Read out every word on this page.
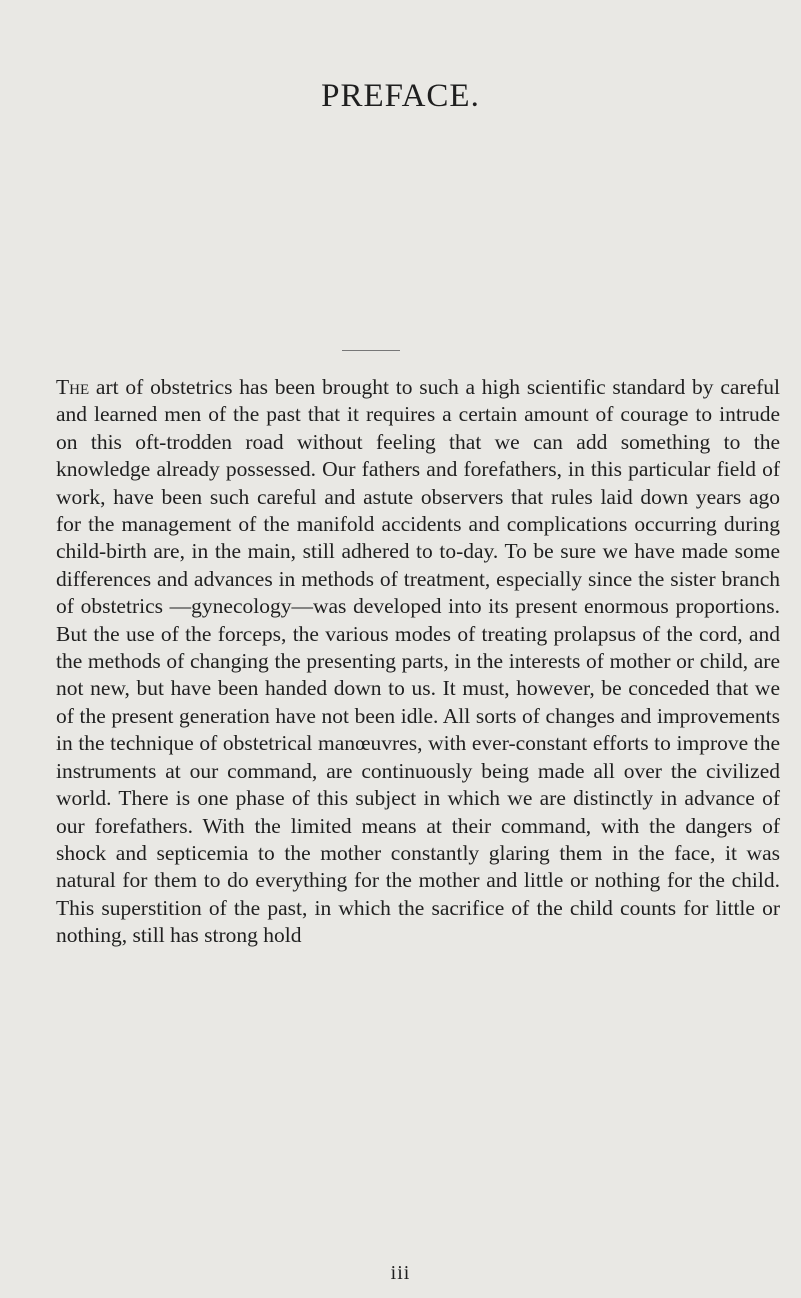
PREFACE.

The art of obstetrics has been brought to such a high scientific standard by careful and learned men of the past that it requires a certain amount of courage to intrude on this oft-trodden road without feeling that we can add something to the knowledge already possessed. Our fathers and forefathers, in this particular field of work, have been such careful and astute observers that rules laid down years ago for the management of the manifold accidents and complications occurring during child-birth are, in the main, still adhered to to-day. To be sure we have made some differences and advances in methods of treatment, especially since the sister branch of obstetrics —gynecology—was developed into its present enormous proportions. But the use of the forceps, the various modes of treating prolapsus of the cord, and the methods of changing the presenting parts, in the interests of mother or child, are not new, but have been handed down to us. It must, however, be conceded that we of the present generation have not been idle. All sorts of changes and improvements in the technique of obstetrical manœuvres, with ever-constant efforts to improve the instruments at our command, are continuously being made all over the civilized world. There is one phase of this subject in which we are distinctly in advance of our forefathers. With the limited means at their command, with the dangers of shock and septicemia to the mother constantly glaring them in the face, it was natural for them to do everything for the mother and little or nothing for the child. This superstition of the past, in which the sacrifice of the child counts for little or nothing, still has strong hold

iii
